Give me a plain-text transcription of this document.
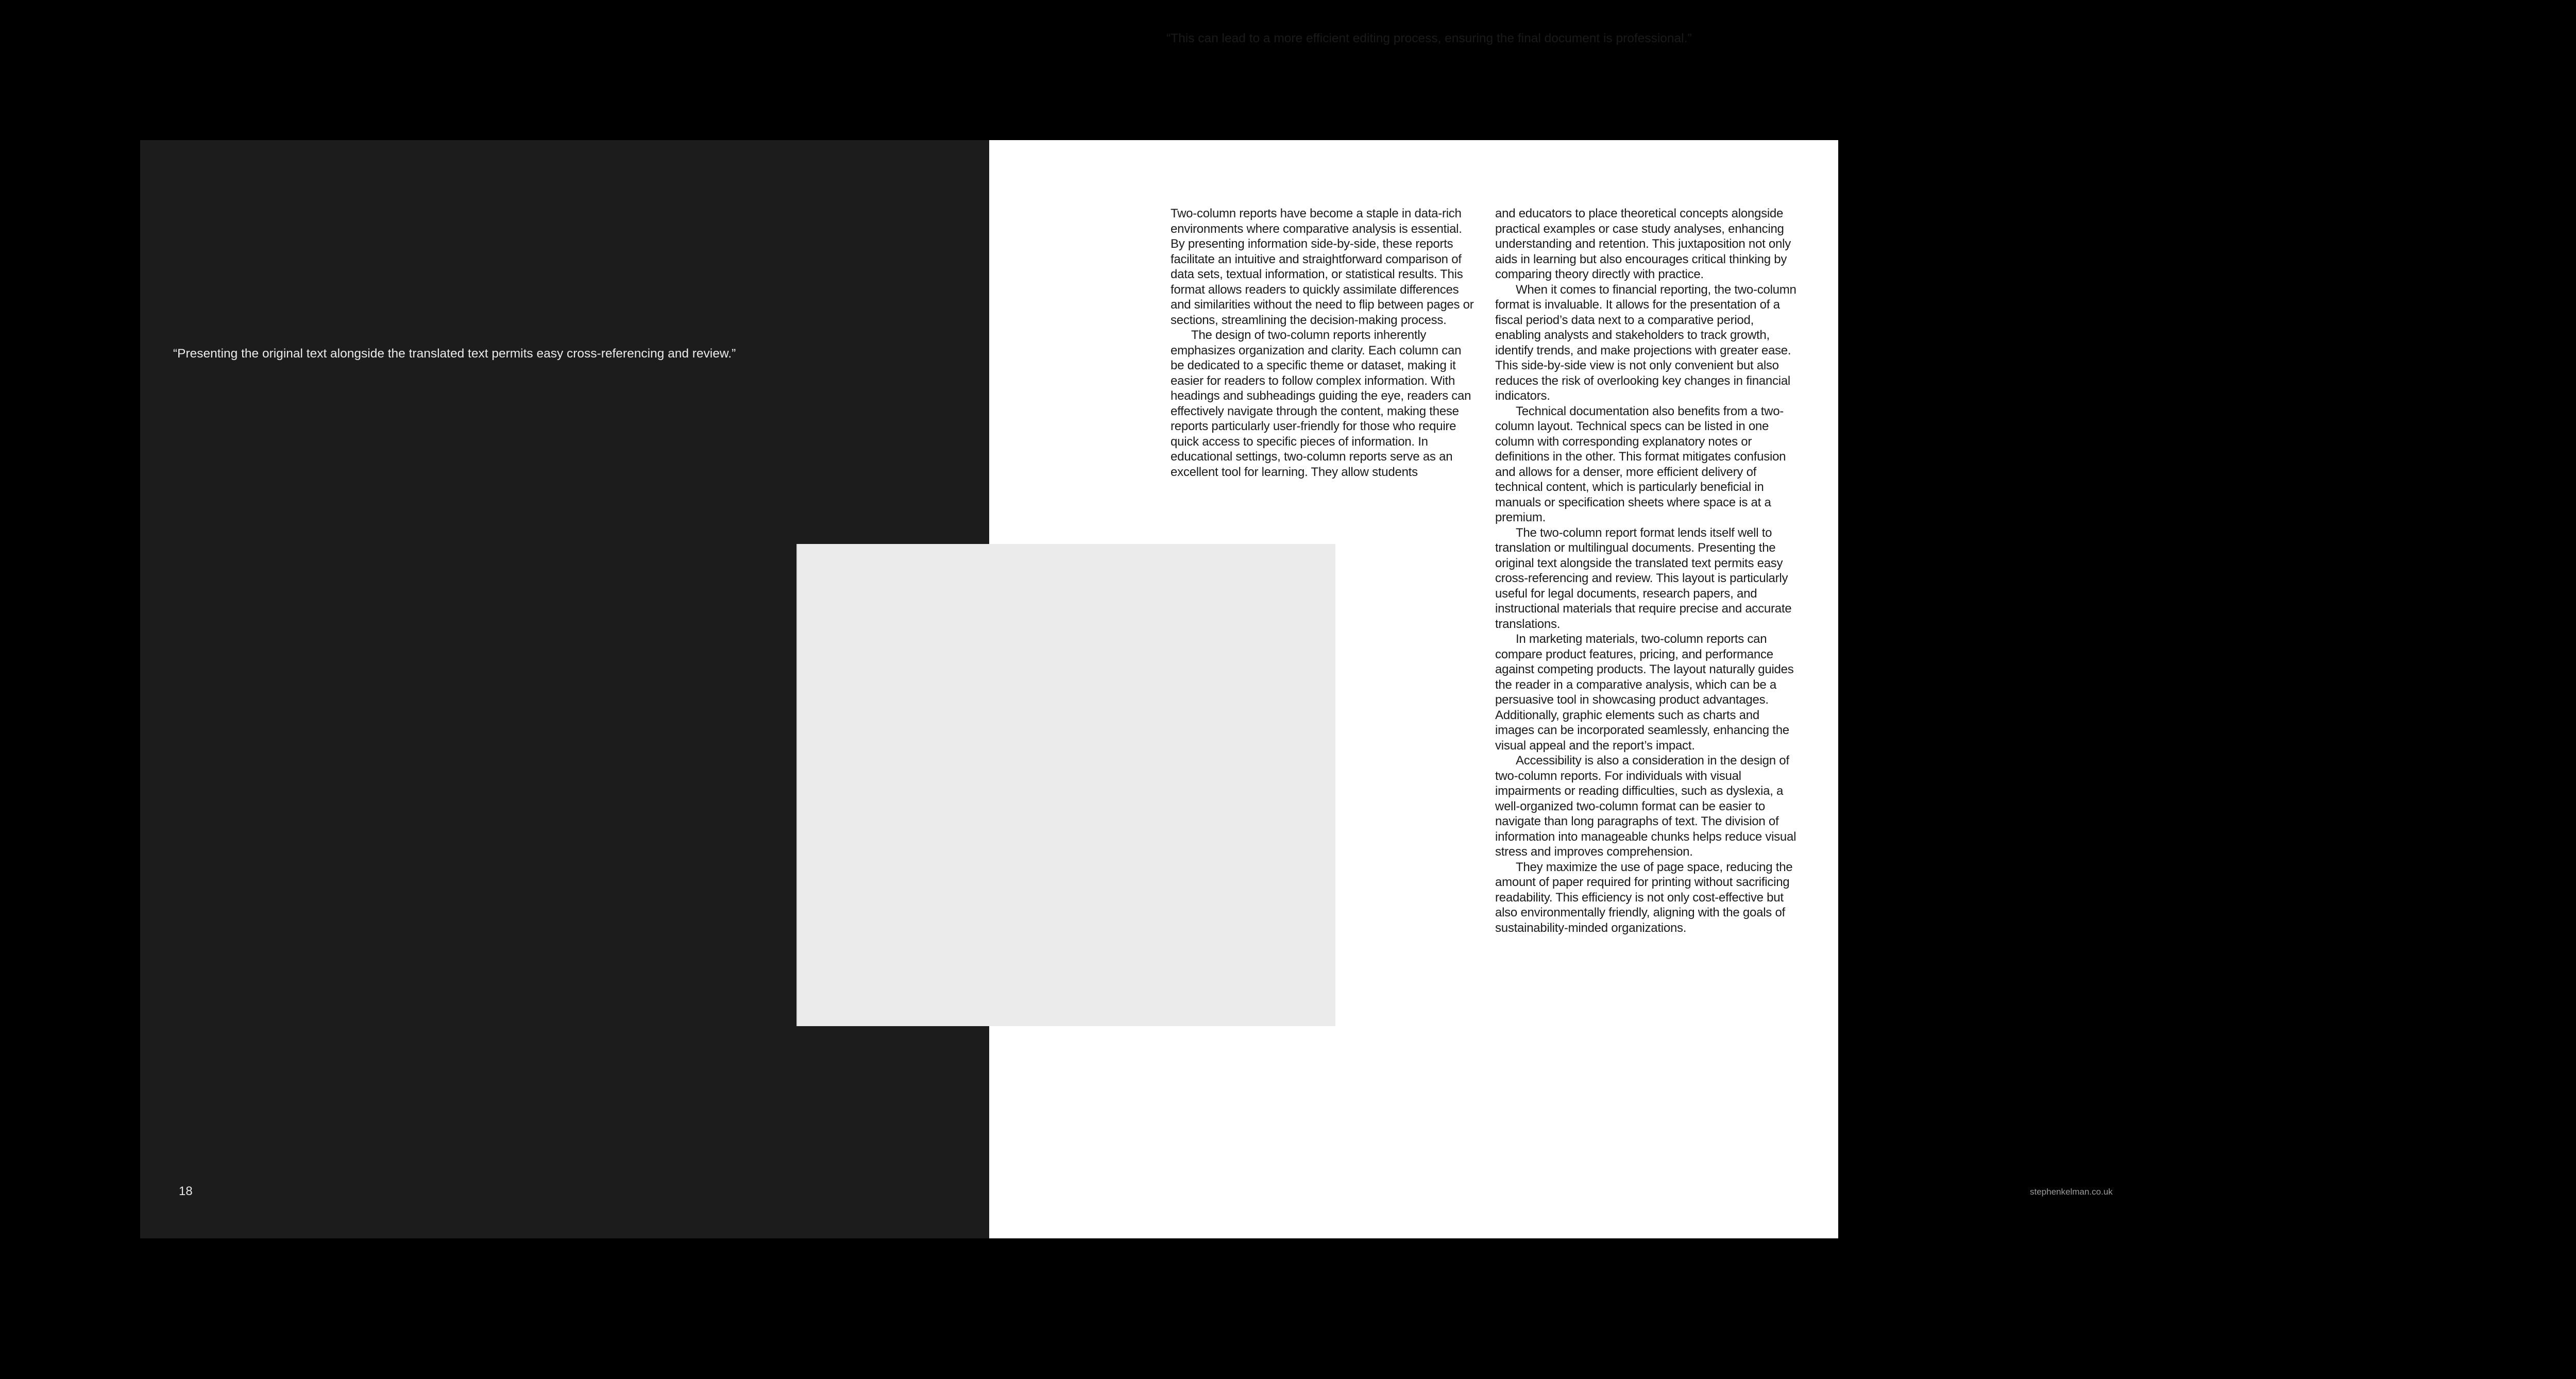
“Presenting the original text alongside the translated text permits easy cross-referencing and review.”
18	stephenkelman.co.uk
“This can lead to a more efficient editing process, ensuring the final document is professional.”

Two-column reports have become a staple in data-rich environments where comparative analysis is essential. By presenting information side-by-side, these reports facilitate an intuitive and straightforward comparison of data sets, textual information, or statistical results. This format allows readers to quickly assimilate differences and similarities without the need to flip between pages or sections, streamlining the decision-making process.

The design of two-column reports inherently emphasizes organization and clarity. Each column can be dedicated to a specific theme or dataset, making it easier for readers to follow complex information. With headings and subheadings guiding the eye, readers can effectively navigate through the content, making these reports particularly user-friendly for those who require quick access to specific pieces of information. In educational settings, two-column reports serve as an excellent tool for learning. They allow students

and educators to place theoretical concepts alongside practical examples or case study analyses, enhancing understanding and retention. This juxtaposition not only aids in learning but also encourages critical thinking by comparing theory directly with practice.

When it comes to financial reporting, the two-column format is invaluable. It allows for the presentation of a fiscal period’s data next to a comparative period, enabling analysts and stakeholders to track growth, identify trends, and make projections with greater ease. This side-by-side view is not only convenient but also reduces the risk of overlooking key changes in financial indicators.

Technical documentation also benefits from a two-column layout. Technical specs can be listed in one column with corresponding explanatory notes or definitions in the other. This format mitigates confusion and allows for a denser, more efficient delivery of technical content, which is particularly beneficial in manuals or specification sheets where space is at a premium.

The two-column report format lends itself well to translation or multilingual documents. Presenting the original text alongside the translated text permits easy cross-referencing and review. This layout is particularly useful for legal documents, research papers, and instructional materials that require precise and accurate translations.

In marketing materials, two-column reports can compare product features, pricing, and performance against competing products. The layout naturally guides the reader in a comparative analysis, which can be a persuasive tool in showcasing product advantages. Additionally, graphic elements such as charts and images can be incorporated seamlessly, enhancing the visual appeal and the report’s impact.

Accessibility is also a consideration in the design of two-column reports. For individuals with visual impairments or reading difficulties, such as dyslexia, a well-organized two-column format can be easier to navigate than long paragraphs of text. The division of information into manageable chunks helps reduce visual stress and improves comprehension.

They maximize the use of page space, reducing the amount of paper required for printing without sacrificing readability. This efficiency is not only cost-effective but also environmentally friendly, aligning with the goals of sustainability-minded organizations.
